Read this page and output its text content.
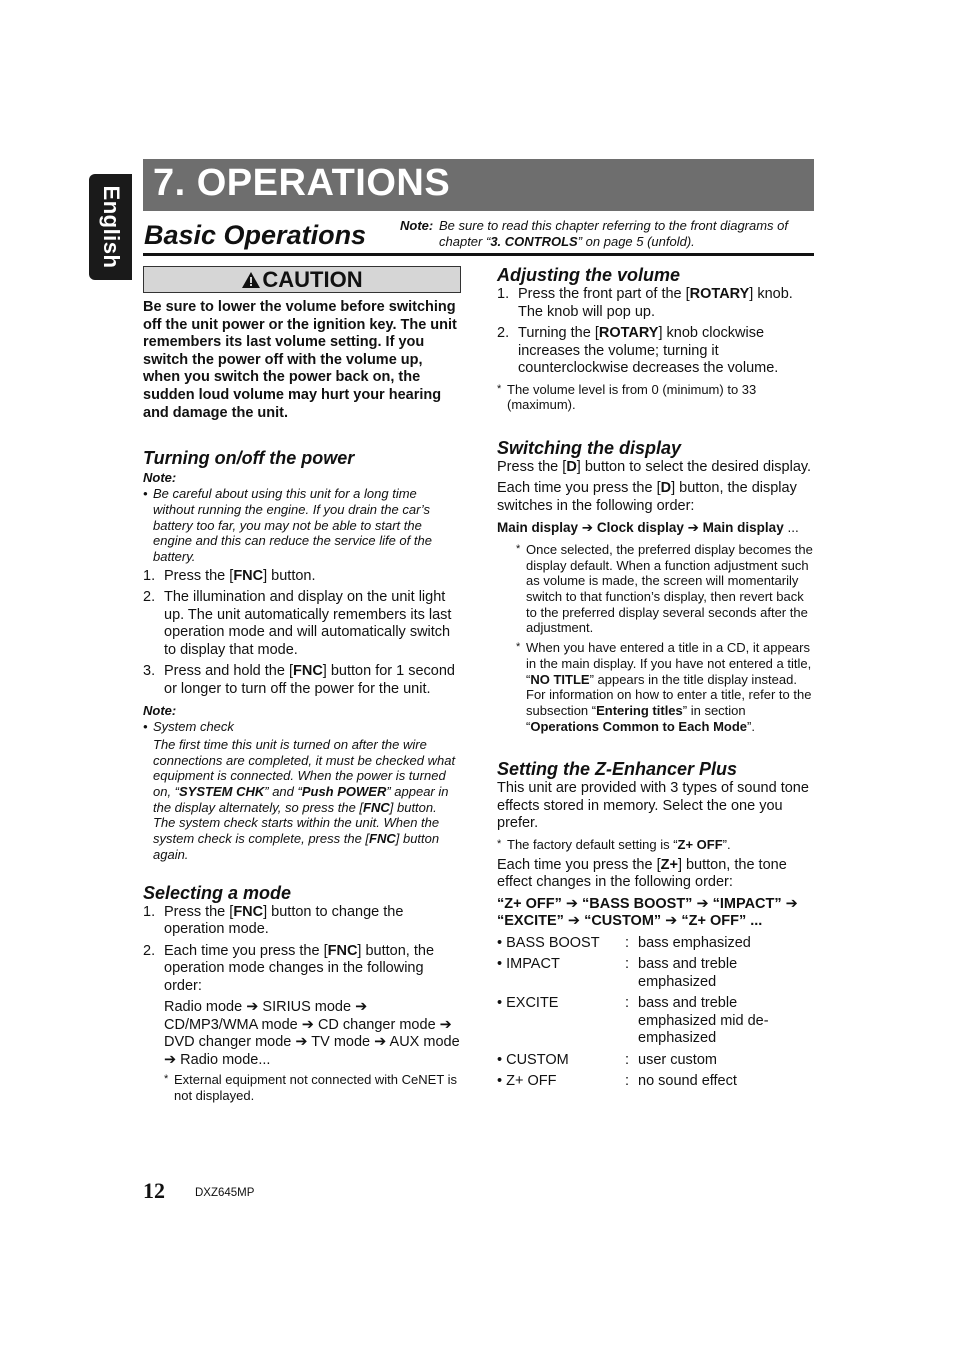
English
7. OPERATIONS
Basic Operations	Note: Be sure to read this chapter referring to the front diagrams of chapter “3. CONTROLS” on page 5 (unfold).
CAUTION

Be sure to lower the volume before switching off the unit power or the ignition key. The unit remembers its last volume setting. If you switch the power off with the volume up, when you switch the power back on, the sudden loud volume may hurt your hearing and damage the unit.

Turning on/off the power
Note:
• Be careful about using this unit for a long time without running the engine. If you drain the car’s battery too far, you may not be able to start the engine and this can reduce the service life of the battery.
1. Press the [FNC] button.
2. The illumination and display on the unit light up. The unit automatically remembers its last operation mode and will automatically switch to display that mode.
3. Press and hold the [FNC] button for 1 second or longer to turn off the power for the unit.
Note:
• System check
The first time this unit is turned on after the wire connections are completed, it must be checked what equipment is connected. When the power is turned on, “SYSTEM CHK” and “Push POWER” appear in the display alternately, so press the [FNC] button. The system check starts within the unit. When the system check is complete, press the [FNC] button again.
Selecting a mode
1. Press the [FNC] button to change the operation mode.
2. Each time you press the [FNC] button, the operation mode changes in the following order:

Radio mode ➔ SIRIUS mode ➔ CD/MP3/WMA mode ➔ CD changer mode ➔ DVD changer mode ➔ TV mode ➔ AUX mode ➔ Radio mode...

* External equipment not connected with CeNET is not displayed.
Adjusting the volume
1. Press the front part of the [ROTARY] knob. The knob will pop up.
2. Turning the [ROTARY] knob clockwise increases the volume; turning it counterclockwise decreases the volume.
* The volume level is from 0 (minimum) to 33 (maximum).
Switching the display

Press the [D] button to select the desired display.

Each time you press the [D] button, the display switches in the following order:

Main display ➔ Clock display ➔ Main display ...

* Once selected, the preferred display becomes the display default. When a function adjustment such as volume is made, the screen will momentarily switch to that function’s display, then revert back to the preferred display several seconds after the adjustment.
* When you have entered a title in a CD, it appears in the main display. If you have not entered a title, “NO TITLE” appears in the title display instead. For information on how to enter a title, refer to the subsection “Entering titles” in section “Operations Common to Each Mode”.
Setting the Z-Enhancer Plus

This unit are provided with 3 types of sound tone effects stored in memory. Select the one you prefer.

* The factory default setting is “Z+ OFF”.

Each time you press the [Z+] button, the tone effect changes in the following order:

“Z+ OFF” ➔ “BASS BOOST” ➔ “IMPACT” ➔ “EXCITE” ➔ “CUSTOM” ➔ “Z+ OFF” ...

• BASS BOOST	: bass emphasized
• IMPACT	: bass and treble emphasized
• EXCITE	: bass and treble emphasized mid de-emphasized
• CUSTOM	: user custom
• Z+ OFF	: no sound effect
12	DXZ645MP
